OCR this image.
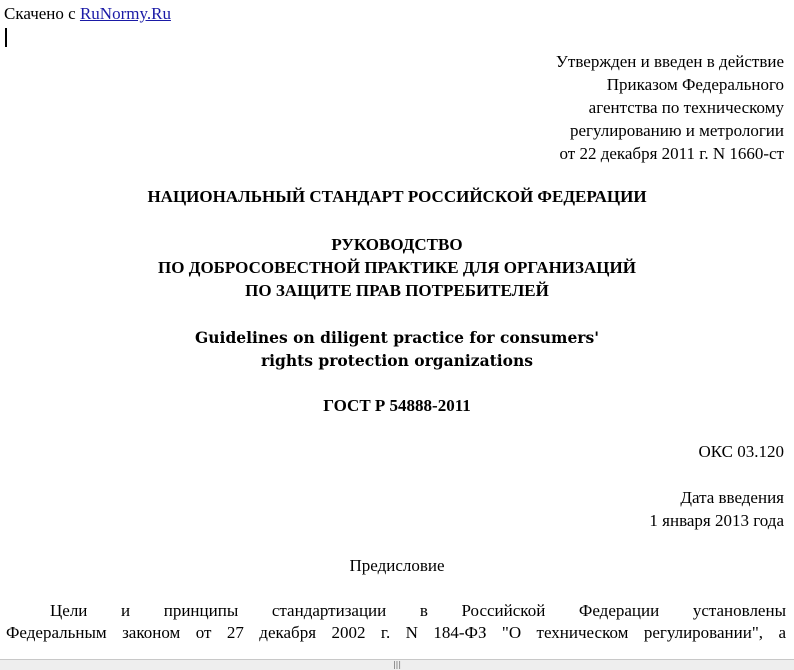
Скачено с RuNormy.Ru
Утвержден и введен в действие
Приказом Федерального
агентства по техническому
регулированию и метрологии
от 22 декабря 2011 г. N 1660-ст
НАЦИОНАЛЬНЫЙ СТАНДАРТ РОССИЙСКОЙ ФЕДЕРАЦИИ
РУКОВОДСТВО
ПО ДОБРОСОВЕСТНОЙ ПРАКТИКЕ ДЛЯ ОРГАНИЗАЦИЙ
ПО ЗАЩИТЕ ПРАВ ПОТРЕБИТЕЛЕЙ
Guidelines on diligent practice for consumers'
rights protection organizations
ГОСТ Р 54888-2011
ОКС 03.120
Дата введения
1 января 2013 года
Предисловие

Цели и принципы стандартизации в Российской Федерации установлены

Федеральным законом от 27 декабря 2002 г. N 184-ФЗ "О техническом регулировании", а
|||
